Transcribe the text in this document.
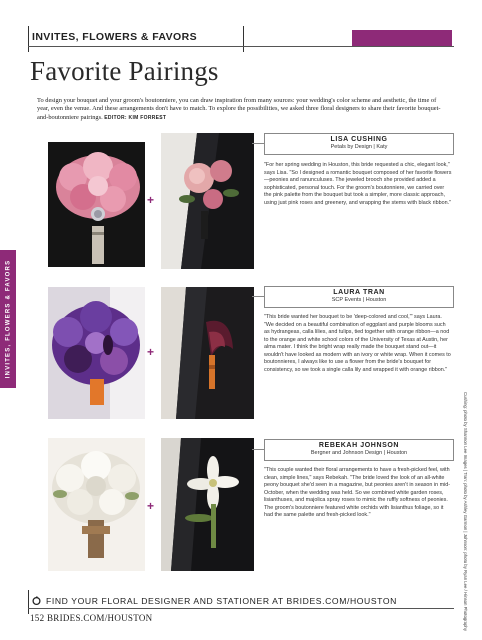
INVITES, FLOWERS & FAVORS
Favorite Pairings
To design your bouquet and your groom's boutonniere, you can draw inspiration from many sources: your wedding's color scheme and aesthetic, the time of year, even the venue. And these arrangements don't have to match. To explore the possibilities, we asked three floral designers to share their favorite bouquet-and-boutonniere pairings. EDITOR: KIM FORREST
INVITES, FLOWERS & FAVORS
+
LISA CUSHING
Petals by Design | Katy
"For her spring wedding in Houston, this bride requested a chic, elegant look," says Lisa. "So I designed a romantic bouquet composed of her favorite flowers—peonies and ranunculuses. The jeweled brooch she provided added a sophisticated, personal touch. For the groom's boutonniere, we carried over the pink palette from the bouquet but took a simpler, more classic approach, using just pink roses and greenery, and wrapping the stems with black ribbon."
+
LAURA TRAN
SCP Events | Houston
"This bride wanted her bouquet to be 'deep-colored and cool,'" says Laura. "We decided on a beautiful combination of eggplant and purple blooms such as hydrangeas, calla lilies, and tulips, tied together with orange ribbon—a nod to the orange and white school colors of the University of Texas at Austin, her alma mater. I think the bright wrap really made the bouquet stand out—it wouldn't have looked as modern with an ivory or white wrap. When it comes to boutonnieres, I always like to use a flower from the bride's bouquet for consistency, so we took a single calla lily and wrapped it with orange ribbon."
+
REBEKAH JOHNSON
Bergner and Johnson Design | Houston
"This couple wanted their floral arrangements to have a fresh-picked feel, with clean, simple lines," says Rebekah. "The bride loved the look of an all-white peony bouquet she'd seen in a magazine, but peonies aren't in season in mid-October, when the wedding was held. So we combined white garden roses, lisianthuses, and majolica spray roses to mimic the ruffly softness of peonies. The groom's boutonniere featured white orchids with lisianthus foliage, so it had the same palette and fresh-picked look."	Cushing: photo by Shannon Lee Images | Tran: photo by Ashley Garmon | Johnson: photo by Ryan Lee / Hinson Photography
FIND YOUR FLORAL DESIGNER AND STATIONER AT BRIDES.COM/HOUSTON
152 BRIDES.COM/HOUSTON
